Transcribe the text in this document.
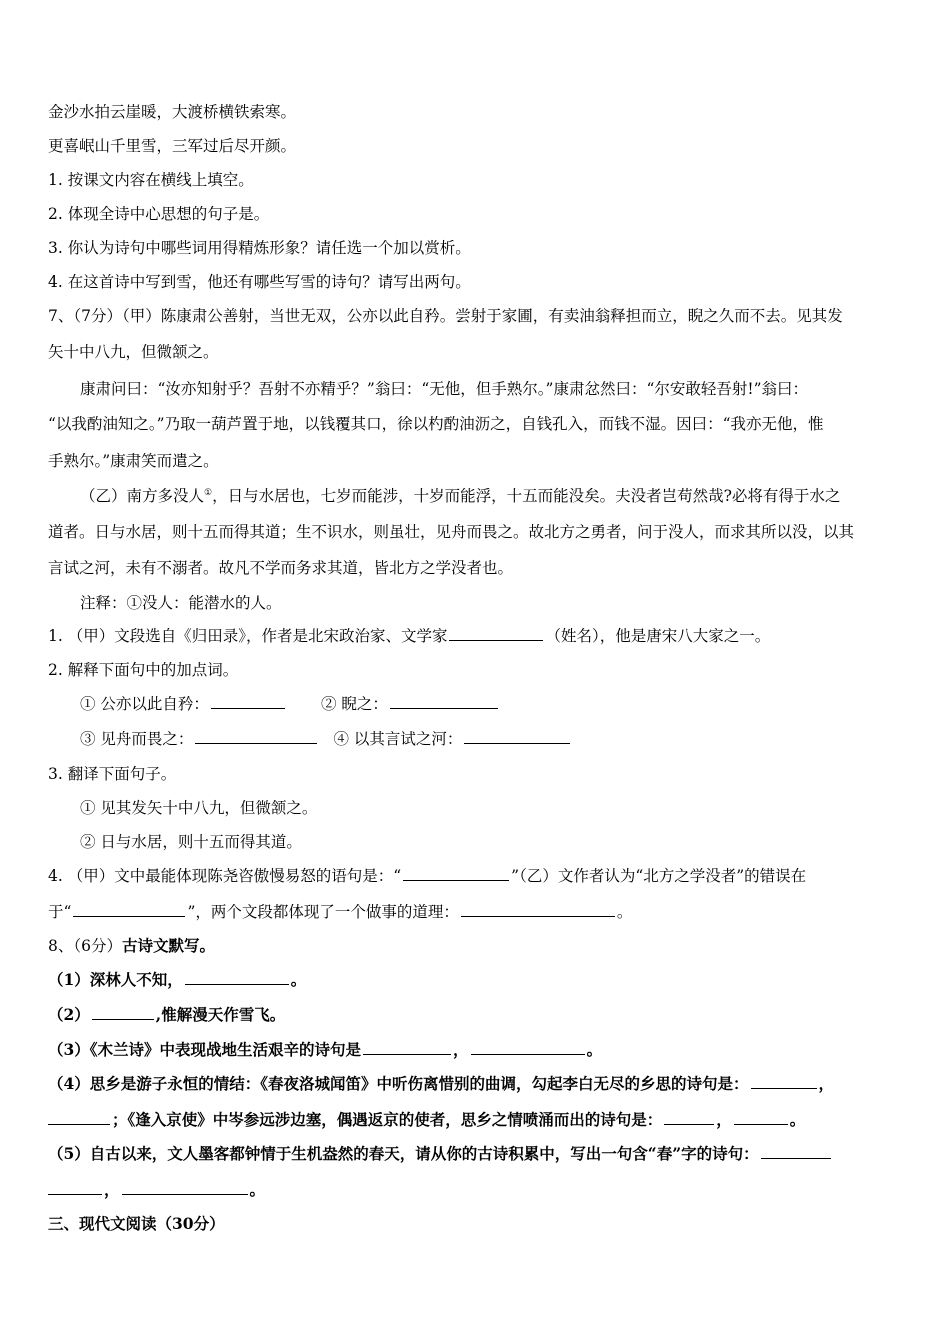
金沙水拍云崖暖，大渡桥横铁索寒。
更喜岷山千里雪，三军过后尽开颜。
1. 按课文内容在横线上填空。
2. 体现全诗中心思想的句子是。
3. 你认为诗句中哪些词用得精炼形象？请任选一个加以赏析。
4. 在这首诗中写到雪，他还有哪些写雪的诗句？请写出两句。
7、（7分）（甲）陈康肃公善射，当世无双，公亦以此自矜。尝射于家圃，有卖油翁释担而立，睨之久而不去。见其发
矢十中八九，但微颔之。
康肃问曰：“汝亦知射乎？吾射不亦精乎？”翁曰：“无他，但手熟尔。”康肃忿然曰：“尔安敢轻吾射!”翁曰：
“以我酌油知之。”乃取一葫芦置于地，以钱覆其口，徐以杓酌油沥之，自钱孔入，而钱不湿。因曰：“我亦无他，惟
手熟尔。”康肃笑而遣之。
（乙）南方多没人①，日与水居也，七岁而能涉，十岁而能浮，十五而能没矣。夫没者岂苟然哉?必将有得于水之
道者。日与水居，则十五而得其道；生不识水，则虽壮，见舟而畏之。故北方之勇者，问于没人，而求其所以没，以其
言试之河，未有不溺者。故凡不学而务求其道，皆北方之学没者也。
注释：①没人：能潜水的人。
1. （甲）文段选自《归田录》，作者是北宋政治家、文学家	（姓名），他是唐宋八大家之一。
2. 解释下面句中的加点词。
① 公亦以此自矜：	② 睨之：
③ 见舟而畏之：	④ 以其言试之河：
3. 翻译下面句子。
① 见其发矢十中八九，但微颔之。
② 日与水居，则十五而得其道。
4. （甲）文中最能体现陈尧咨傲慢易怒的语句是：“	”（乙）文作者认为“北方之学没者”的错误在
于“	”，两个文段都体现了一个做事的道理：	。
8、（6分）古诗文默写。
（1）深林人不知，	。
（2）	,惟解漫天作雪飞。
（3）《木兰诗》中表现战地生活艰辛的诗句是	，	。
（4）思乡是游子永恒的情结：《春夜洛城闻笛》中听伤离惜别的曲调，勾起李白无尽的乡思的诗句是：	，
；《逢入京使》中岑参远涉边塞，偶遇返京的使者，思乡之情喷涌而出的诗句是：	，	。
（5）自古以来，文人墨客都钟情于生机盎然的春天，请从你的古诗积累中，写出一句含“春”字的诗句：
，	。
三、现代文阅读（30分）
